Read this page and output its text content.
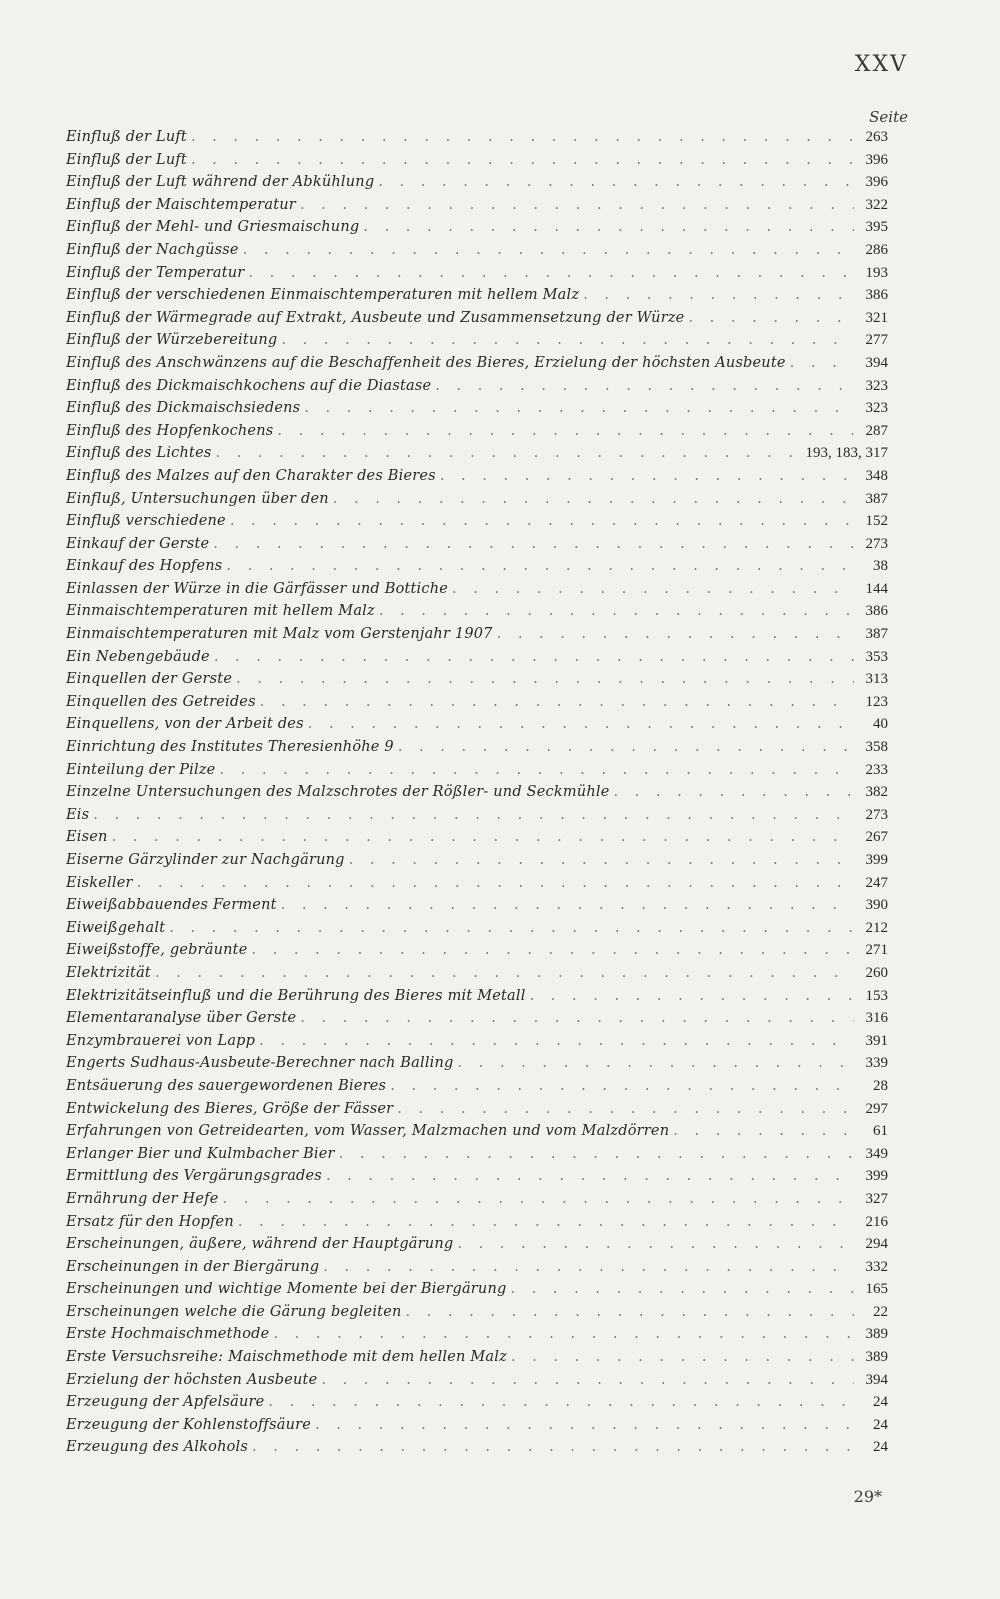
XXV
Seite
Einfluß der Luft . . .	263
Einfluß der Luft . . .	396
Einfluß der Luft während der Abkühlung . . .	396
Einfluß der Maischtemperatur . . .	322
Einfluß der Mehl- und Griesmaischung . . .	395
Einfluß der Nachgüsse . . .	286
Einfluß der Temperatur . . .	193
Einfluß der verschiedenen Einmaischtemperaturen mit hellem Malz . . .	386
Einfluß der Wärmegrade auf Extrakt, Ausbeute und Zusammensetzung der Würze . . .	321
Einfluß der Würzebereitung . . .	277
Einfluß des Anschwänzens auf die Beschaffenheit des Bieres, Erzielung der höchsten Ausbeute . . .	394
Einfluß des Dickmaischkochens auf die Diastase . . .	323
Einfluß des Dickmaischsiedens . . .	323
Einfluß des Hopfenkochens . . .	287
Einfluß des Lichtes . . .	193, 183, 317
Einfluß des Malzes auf den Charakter des Bieres . . .	348
Einfluß, Untersuchungen über den . . .	387
Einfluß verschiedene . . .	152
Einkauf der Gerste . . .	273
Einkauf des Hopfens . . .	38
Einlassen der Würze in die Gärfässer und Bottiche . . .	144
Einmaischtemperaturen mit hellem Malz . . .	386
Einmaischtemperaturen mit Malz vom Gerstenjahr 1907 . . .	387
Ein Nebengebäude . . .	353
Einquellen der Gerste . . .	313
Einquellen des Getreides . . .	123
Einquellens, von der Arbeit des . . .	40
Einrichtung des Institutes Theresienhöhe 9 . . .	358
Einteilung der Pilze . . .	233
Einzelne Untersuchungen des Malzschrotes der Rößler- und Seckmühle . . .	382
Eis . . .	273
Eisen . . .	267
Eiserne Gärzylinder zur Nachgärung . . .	399
Eiskeller . . .	247
Eiweißabbauendes Ferment . . .	390
Eiweißgehalt . . .	212
Eiweißstoffe, gebräunte . . .	271
Elektrizität . . .	260
Elektrizitätseinfluß und die Berührung des Bieres mit Metall . . .	153
Elementaranalyse über Gerste . . .	316
Enzymbrauerei von Lapp . . .	391
Engerts Sudhaus-Ausbeute-Berechner nach Balling . . .	339
Entsäuerung des sauergewordenen Bieres . . .	28
Entwickelung des Bieres, Größe der Fässer . . .	297
Erfahrungen von Getreidearten, vom Wasser, Malzmachen und vom Malzdörren . . .	61
Erlanger Bier und Kulmbacher Bier . . .	349
Ermittlung des Vergärungsgrades . . .	399
Ernährung der Hefe . . .	327
Ersatz für den Hopfen . . .	216
Erscheinungen, äußere, während der Hauptgärung . . .	294
Erscheinungen in der Biergärung . . .	332
Erscheinungen und wichtige Momente bei der Biergärung . . .	165
Erscheinungen welche die Gärung begleiten . . .	22
Erste Hochmaischmethode . . .	389
Erste Versuchsreihe: Maischmethode mit dem hellen Malz . . .	389
Erzielung der höchsten Ausbeute . . .	394
Erzeugung der Apfelsäure . . .	24
Erzeugung der Kohlenstoffsäure . . .	24
Erzeugung des Alkohols . . .	24
29*
